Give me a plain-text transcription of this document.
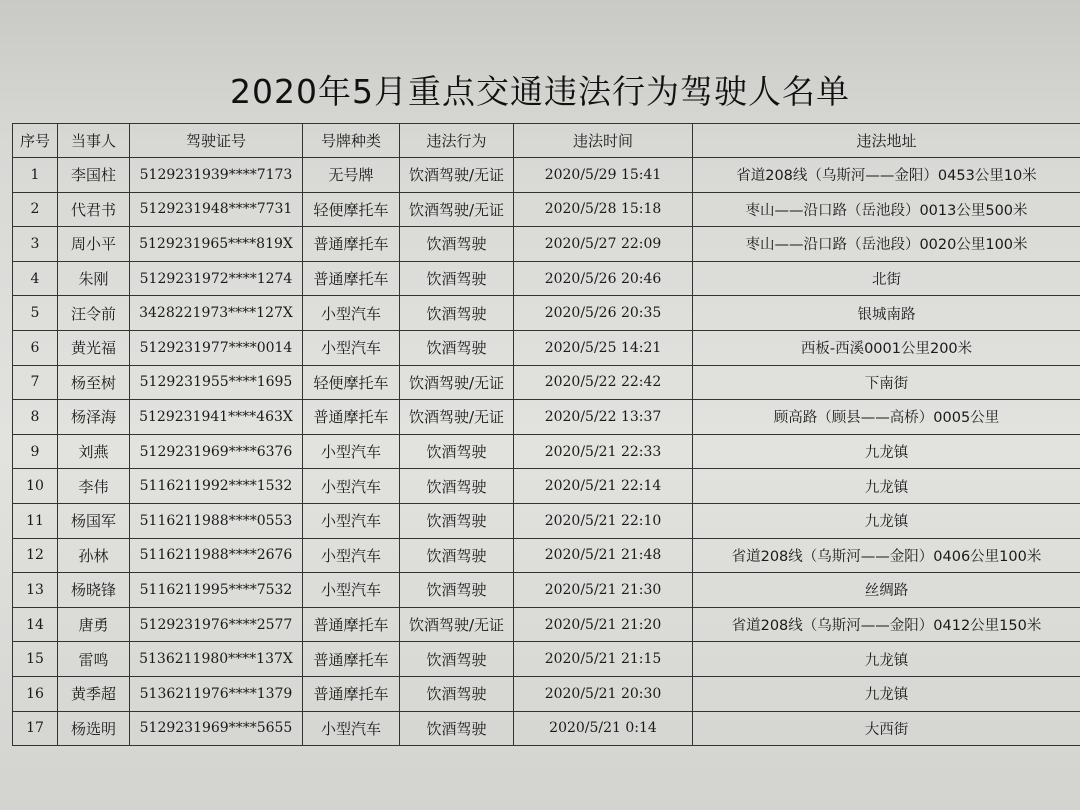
2020年5月重点交通违法行为驾驶人名单
序号	当事人	驾驶证号	号牌种类	违法行为	违法时间	违法地址
1	李国柱	5129231939****7173	无号牌	饮酒驾驶/无证	2020/5/29 15:41	省道208线（乌斯河——金阳）0453公里10米
2	代君书	5129231948****7731	轻便摩托车	饮酒驾驶/无证	2020/5/28 15:18	枣山——沿口路（岳池段）0013公里500米
3	周小平	5129231965****819X	普通摩托车	饮酒驾驶	2020/5/27 22:09	枣山——沿口路（岳池段）0020公里100米
4	朱刚	5129231972****1274	普通摩托车	饮酒驾驶	2020/5/26 20:46	北街
5	汪令前	3428221973****127X	小型汽车	饮酒驾驶	2020/5/26 20:35	银城南路
6	黄光福	5129231977****0014	小型汽车	饮酒驾驶	2020/5/25 14:21	西板-西溪0001公里200米
7	杨至树	5129231955****1695	轻便摩托车	饮酒驾驶/无证	2020/5/22 22:42	下南街
8	杨泽海	5129231941****463X	普通摩托车	饮酒驾驶/无证	2020/5/22 13:37	顾高路（顾县——高桥）0005公里
9	刘燕	5129231969****6376	小型汽车	饮酒驾驶	2020/5/21 22:33	九龙镇
10	李伟	5116211992****1532	小型汽车	饮酒驾驶	2020/5/21 22:14	九龙镇
11	杨国军	5116211988****0553	小型汽车	饮酒驾驶	2020/5/21 22:10	九龙镇
12	孙林	5116211988****2676	小型汽车	饮酒驾驶	2020/5/21 21:48	省道208线（乌斯河——金阳）0406公里100米
13	杨晓锋	5116211995****7532	小型汽车	饮酒驾驶	2020/5/21 21:30	丝绸路
14	唐勇	5129231976****2577	普通摩托车	饮酒驾驶/无证	2020/5/21 21:20	省道208线（乌斯河——金阳）0412公里150米
15	雷鸣	5136211980****137X	普通摩托车	饮酒驾驶	2020/5/21 21:15	九龙镇
16	黄季超	5136211976****1379	普通摩托车	饮酒驾驶	2020/5/21 20:30	九龙镇
17	杨选明	5129231969****5655	小型汽车	饮酒驾驶	2020/5/21 0:14	大西街
